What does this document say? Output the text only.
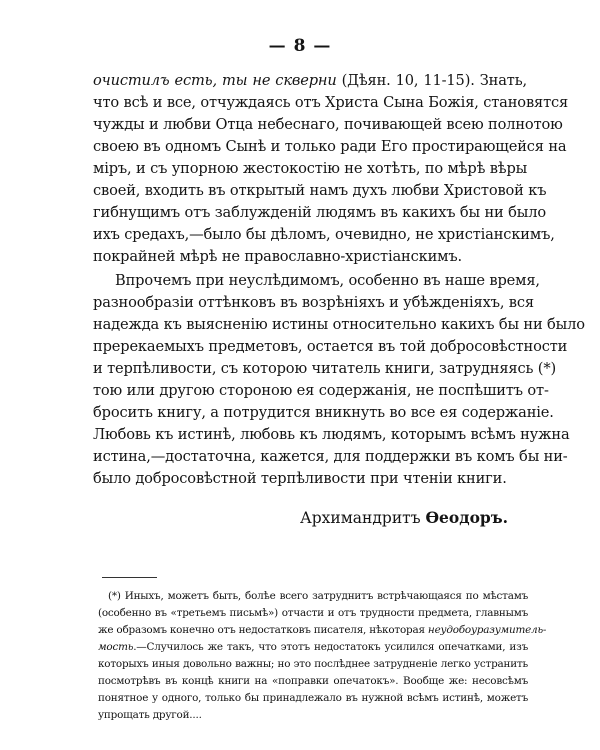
— 8 —
очистилъ есть, ты не скверни (Дѣян. 10, 11-15). Знать,
что всѣ и все, отчуждаясь отъ Христа Сына Божія, становятся
чужды и любви Отца небеснаго, почивающей всею полнотою
своею въ одномъ Сынѣ и только ради Его простирающейся на
міръ, и съ упорною жестокостію не хотѣть, по мѣрѣ вѣры
своей, входить въ открытый намъ духъ любви Христовой къ
гибнущимъ отъ заблужденій людямъ въ какихъ бы ни было
ихъ средахъ,—было бы дѣломъ, очевидно, не христіанскимъ,
покрайней мѣрѣ не православно-христіанскимъ.
Впрочемъ при неуслѣдимомъ, особенно въ наше время,
разнообразіи оттѣнковъ въ возрѣніяхъ и убѣжденіяхъ, вся
надежда къ выясненію истины относительно какихъ бы ни было
пререкаемыхъ предметовъ, остается въ той добросовѣстности
и терпѣливости, съ которою читатель книги, затрудняясь (*)
тою или другою стороною ея содержанія, не поспѣшитъ от-
бросить книгу, а потрудится вникнуть во все ея содержаніе.
Любовь къ истинѣ, любовь къ людямъ, которымъ всѣмъ нужна
истина,—достаточна, кажется, для поддержки въ комъ бы ни-
было добросовѣстной терпѣливости при чтеніи книги.
Архимандритъ Ѳеодоръ.
(*) Иныхъ, можетъ быть, болѣе всего затруднитъ встрѣчающаяся по мѣстамъ
(особенно въ «третьемъ письмѣ») отчасти и отъ трудности предмета, главнымъ
же образомъ конечно отъ недостатковъ писателя, нѣкоторая неудобоуразумитель-
мость.—Случилось же такъ, что этотъ недостатокъ усилился опечатками, изъ
которыхъ иныя довольно важны; но это послѣднее затрудненіе легко устранить
посмотрѣвъ въ концѣ книги на «поправки опечатокъ». Вообще же: несовсѣмъ
понятное у одного, только бы принадлежало въ нужной всѣмъ истинѣ, можетъ
упрощать другой....
